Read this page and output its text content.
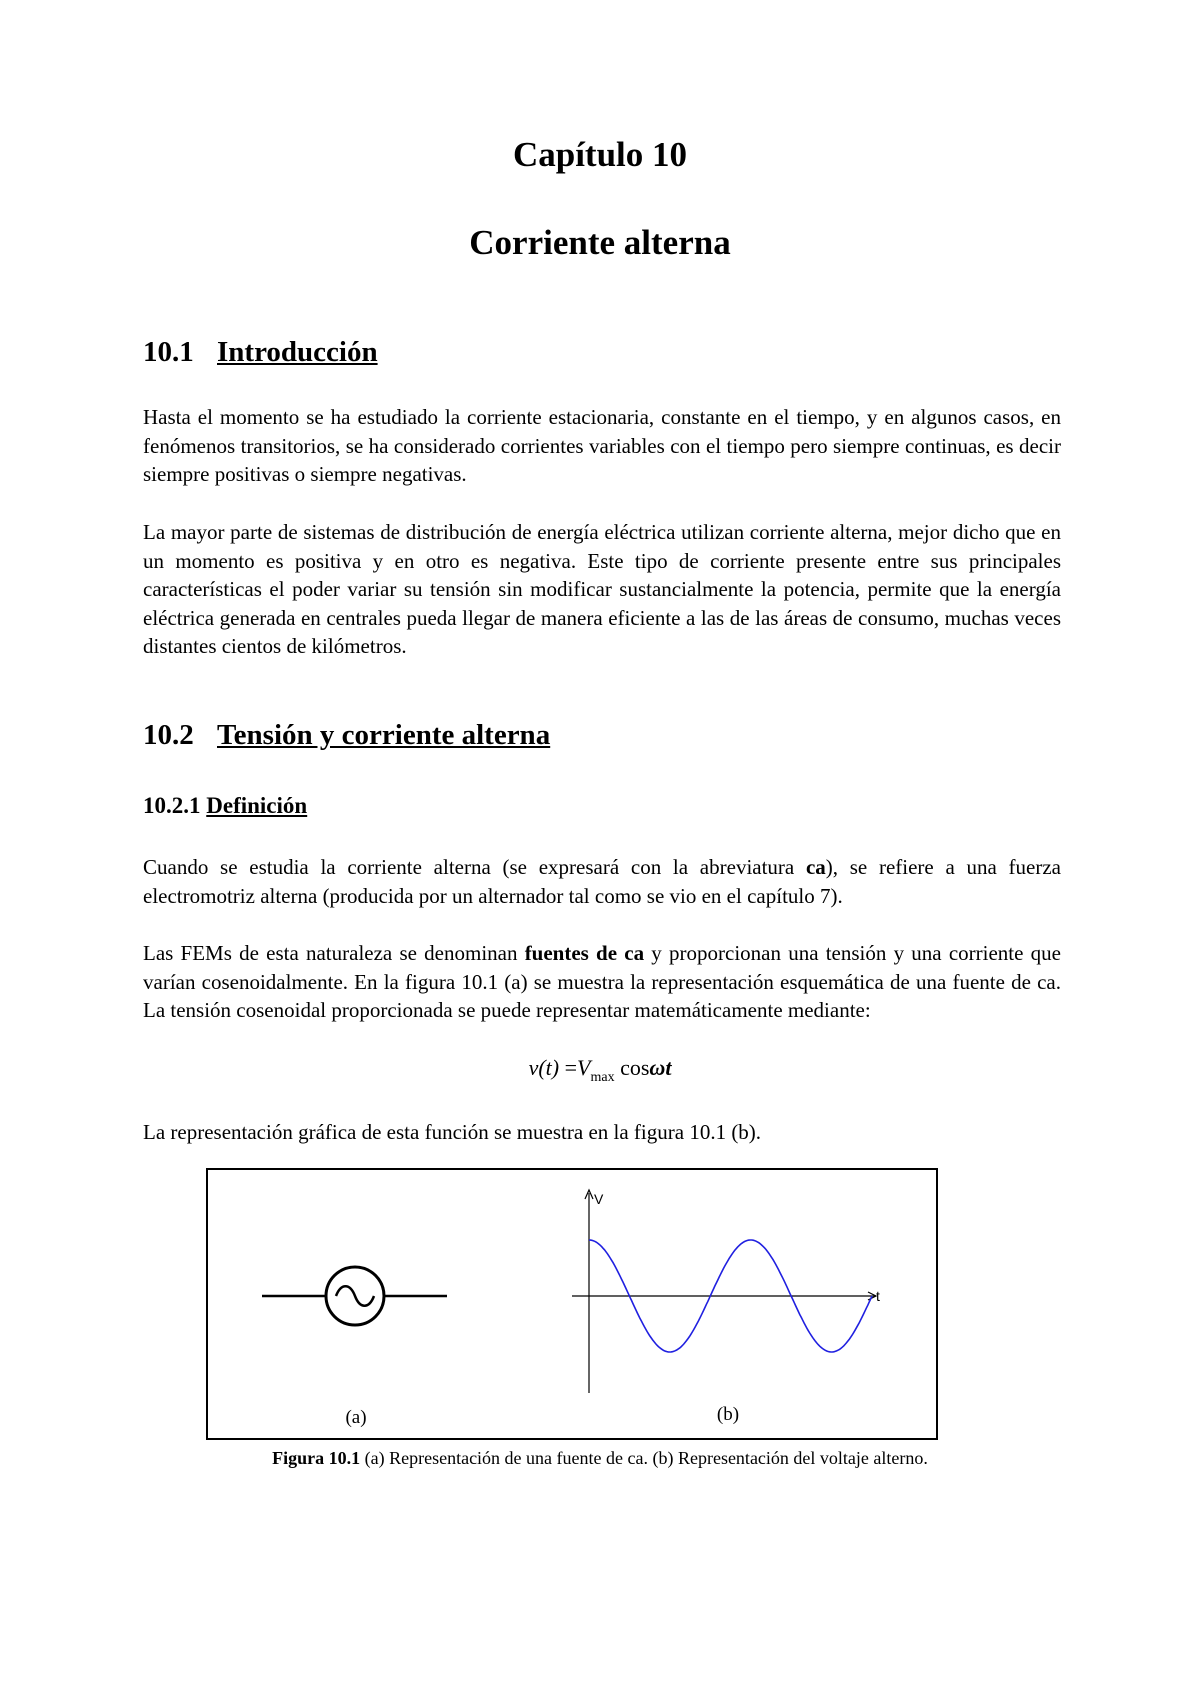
Capítulo 10
Corriente alterna
10.1 Introducción

Hasta el momento se ha estudiado la corriente estacionaria, constante en el tiempo, y en algunos casos, en fenómenos transitorios, se ha considerado corrientes variables con el tiempo pero siempre continuas, es decir siempre positivas o siempre negativas.

La mayor parte de sistemas de distribución de energía eléctrica utilizan corriente alterna, mejor dicho que en un momento es positiva y en otro es negativa. Este tipo de corriente presente entre sus principales características el poder variar su tensión sin modificar sustancialmente la potencia, permite que la energía eléctrica generada en centrales pueda llegar de manera eficiente a las de las áreas de consumo, muchas veces distantes cientos de kilómetros.

10.2 Tensión y corriente alterna
10.2.1 Definición

Cuando se estudia la corriente alterna (se expresará con la abreviatura ca), se refiere a una fuerza electromotriz alterna (producida por un alternador tal como se vio en el capítulo 7).

Las FEMs de esta naturaleza se denominan fuentes de ca y proporcionan una tensión y una corriente que varían cosenoidalmente. En la figura 10.1 (a) se muestra la representación esquemática de una fuente de ca. La tensión cosenoidal proporcionada se puede representar matemáticamente mediante:

$v(t) =V_{max}$ cosωt

La representación gráfica de esta función se muestra en la figura 10.1 (b).

V
t
(a)	(b)
Figura 10.1 (a) Representación de una fuente de ca. (b) Representación del voltaje alterno.
